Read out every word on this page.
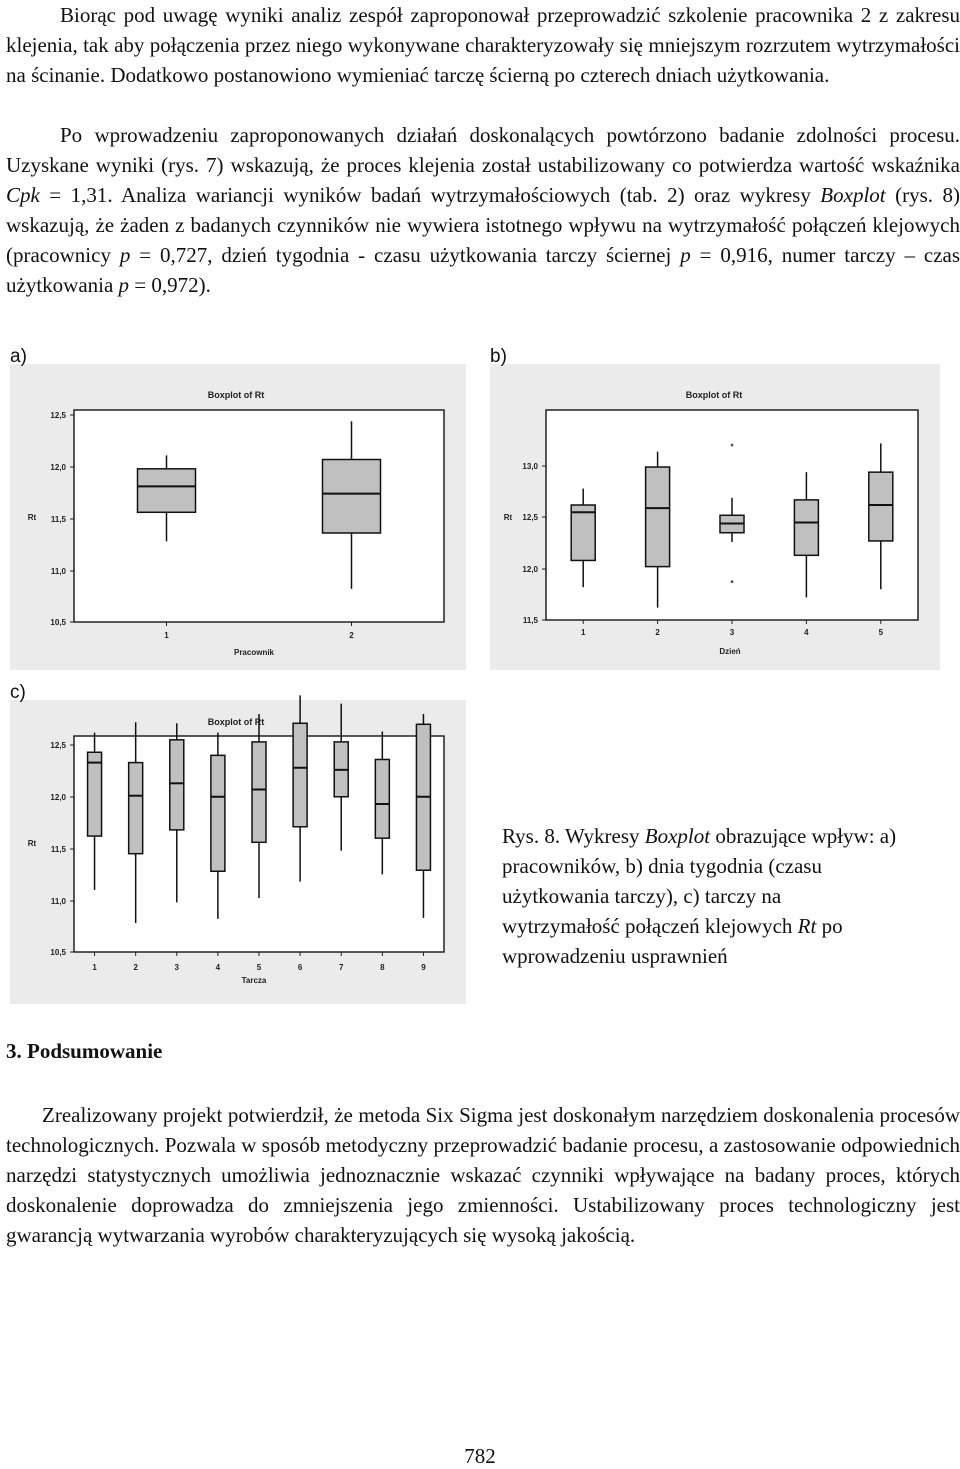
Biorąc pod uwagę wyniki analiz zespół zaproponował przeprowadzić szkolenie pracownika 2 z zakresu klejenia, tak aby połączenia przez niego wykonywane charakteryzowały się mniejszym rozrzutem wytrzymałości na ścinanie. Dodatkowo postanowiono wymieniać tarczę ścierną po czterech dniach użytkowania.

Po wprowadzeniu zaproponowanych działań doskonalących powtórzono badanie zdolności procesu. Uzyskane wyniki (rys. 7) wskazują, że proces klejenia został ustabilizowany co potwierdza wartość wskaźnika Cpk = 1,31. Analiza wariancji wyników badań wytrzymałościowych (tab. 2) oraz wykresy Boxplot (rys. 8) wskazują, że żaden z badanych czynników nie wywiera istotnego wpływu na wytrzymałość połączeń klejowych (pracownicy p = 0,727, dzień tygodnia - czasu użytkowania tarczy ściernej p = 0,916, numer tarczy – czas użytkowania p = 0,972).

a)
Boxplot of Rt
Rt
Pracownik
12,5
12,0
11,5
11,0
10,5
1	2
b)
Boxplot of Rt
Rt
Dzień
13,0
12,5
12,0
11,5
1	2	3	4	5
*
*
c)
Boxplot of Rt
Rt
Tarcza
12,5
12,0
11,5
11,0
10,5
1	2	3	4	5	6	7	8	9

Rys. 8. Wykresy Boxplot obrazujące wpływ: a) pracowników, b) dnia tygodnia (czasu użytkowania tarczy), c) tarczy na wytrzymałość połączeń klejowych Rt po wprowadzeniu usprawnień

3. Podsumowanie

Zrealizowany projekt potwierdził, że metoda Six Sigma jest doskonałym narzędziem doskonalenia procesów technologicznych. Pozwala w sposób metodyczny przeprowadzić badanie procesu, a zastosowanie odpowiednich narzędzi statystycznych umożliwia jednoznacznie wskazać czynniki wpływające na badany proces, których doskonalenie doprowadza do zmniejszenia jego zmienności. Ustabilizowany proces technologiczny jest gwarancją wytwarzania wyrobów charakteryzujących się wysoką jakością.

782
